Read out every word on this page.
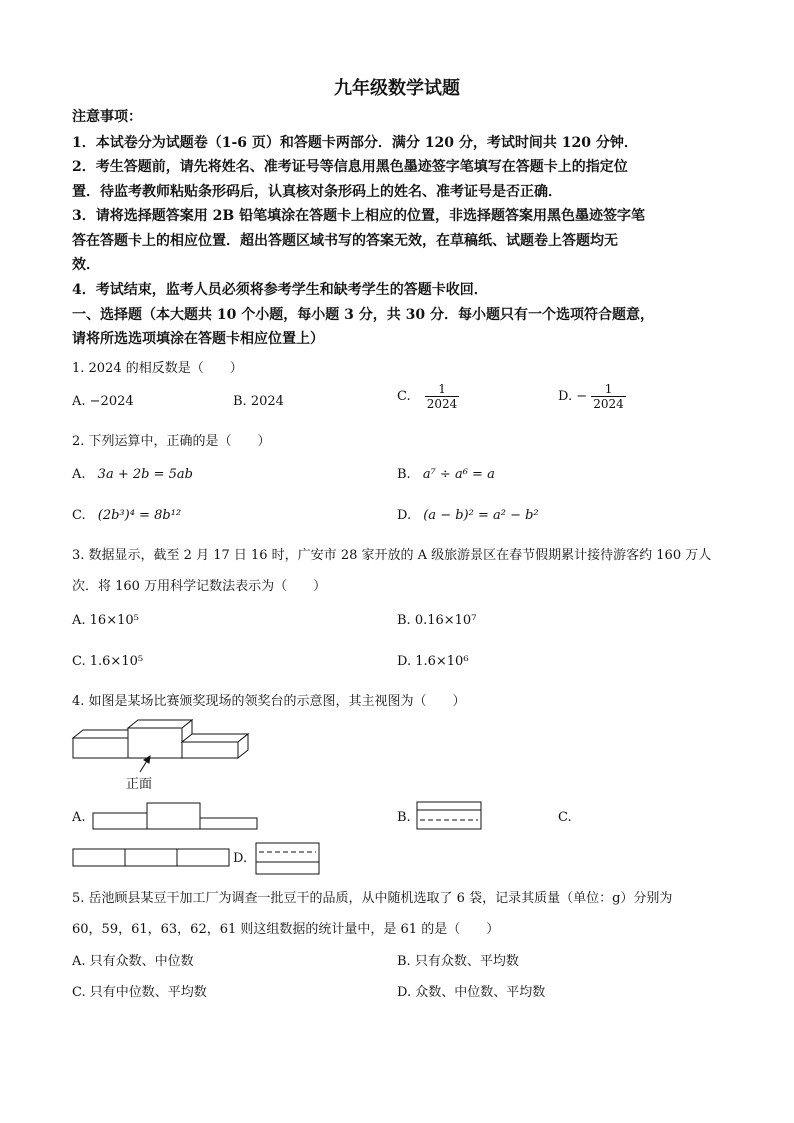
九年级数学试题
注意事项：
1．本试卷分为试题卷（1-6 页）和答题卡两部分．满分 120 分，考试时间共 120 分钟．
2．考生答题前，请先将姓名、准考证号等信息用黑色墨迹签字笔填写在答题卡上的指定位
置．待监考教师粘贴条形码后，认真核对条形码上的姓名、准考证号是否正确．
3．请将选择题答案用 2B 铅笔填涂在答题卡上相应的位置，非选择题答案用黑色墨迹签字笔
答在答题卡上的相应位置．超出答题区域书写的答案无效，在草稿纸、试题卷上答题均无
效．
4．考试结束，监考人员必须将参考学生和缺考学生的答题卡收回．
一、选择题（本大题共 10 个小题，每小题 3 分，共 30 分．每小题只有一个选项符合题意，
请将所选选项填涂在答题卡相应位置上）
1. 2024 的相反数是（　　）
A. −2024	B. 2024	C. $\frac{1}{2024}$	D. − $\frac{1}{2024}$
2. 下列运算中，正确的是（　　）
A. 3a + 2b = 5ab	B. a⁷ ÷ a⁶ = a
C. (2b³)⁴ = 8b¹²	D. (a − b)² = a² − b²
3. 数据显示，截至 2 月 17 日 16 时，广安市 28 家开放的 A 级旅游景区在春节假期累计接待游客约 160 万人
次．将 160 万用科学记数法表示为（　　）
A. 16×10⁵	B. 0.16×10⁷
C. 1.6×10⁵	D. 1.6×10⁶
4. 如图是某场比赛颁奖现场的领奖台的示意图，其主视图为（　　）
正面
A.	B.	C.
D.
5. 岳池顾县某豆干加工厂为调查一批豆干的品质，从中随机选取了 6 袋，记录其质量（单位：g）分别为
60，59，61，63，62，61 则这组数据的统计量中，是 61 的是（　　）
A. 只有众数、中位数	B. 只有众数、平均数
C. 只有中位数、平均数	D. 众数、中位数、平均数
